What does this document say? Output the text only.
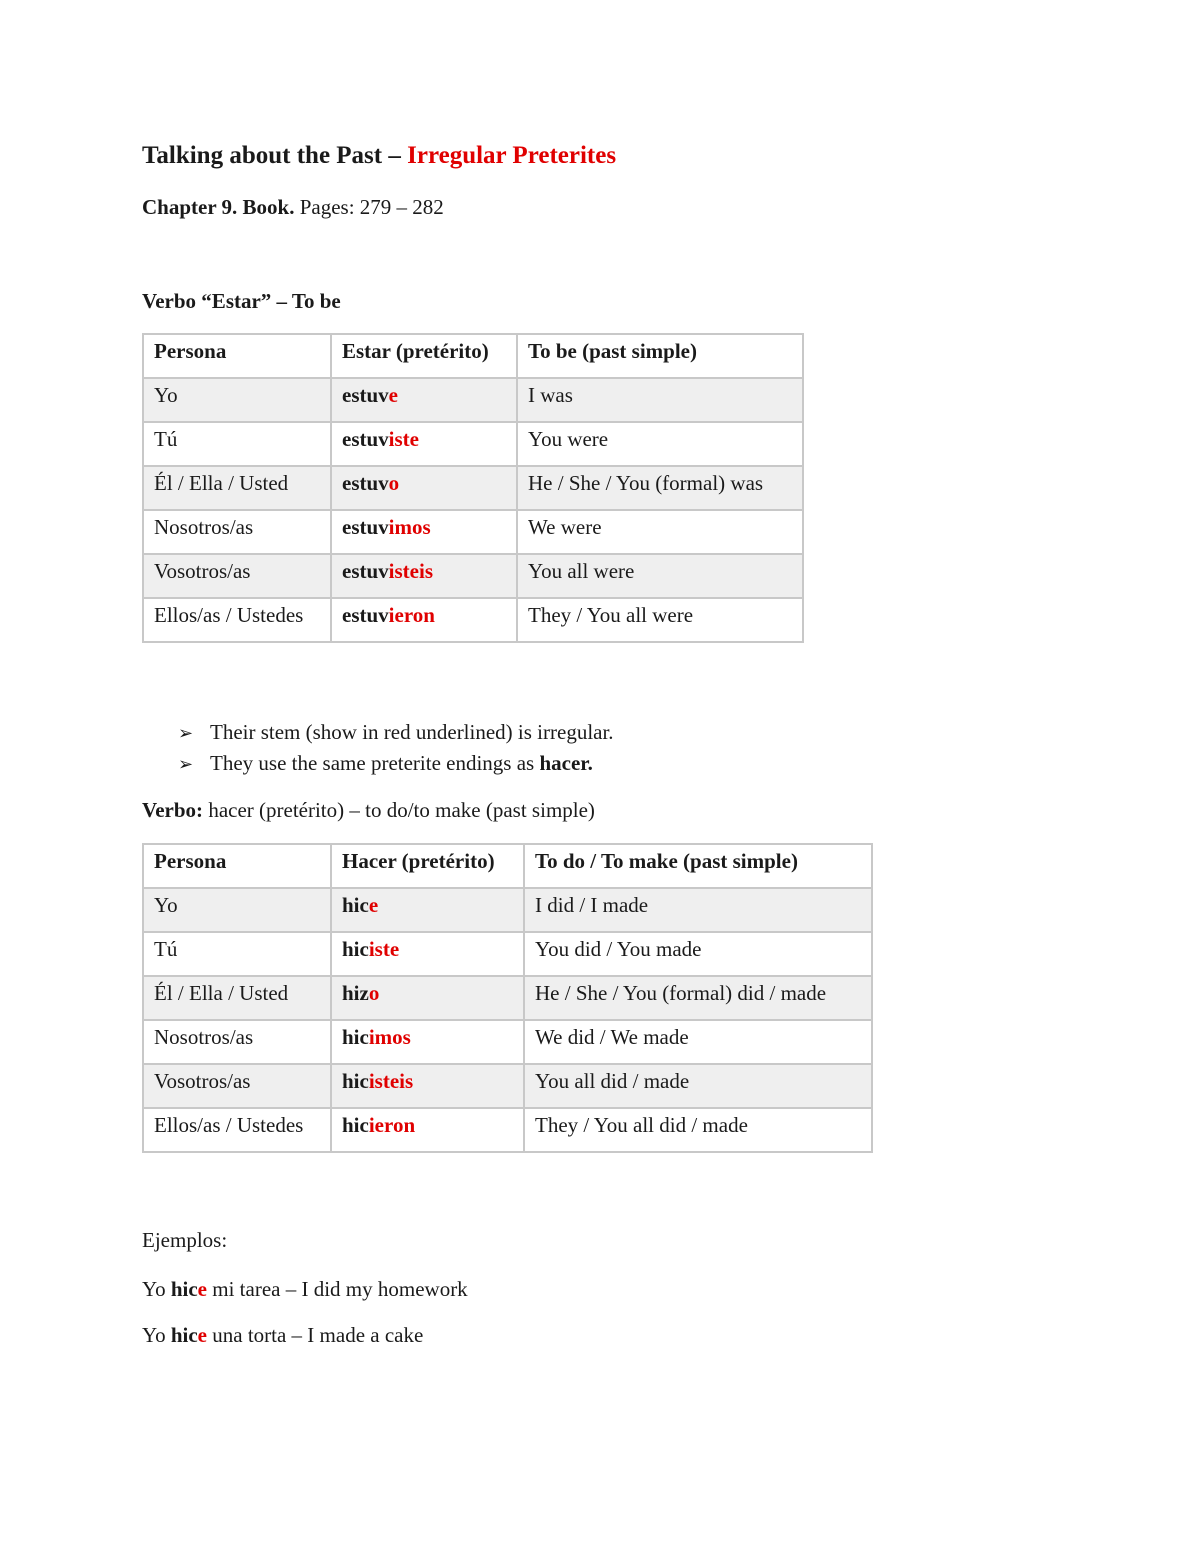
Talking about the Past – Irregular Preterites
Chapter 9. Book. Pages: 279 – 282
Verbo “Estar” – To be
Persona	Estar (pretérito)	To be (past simple)
Yo	estuve	I was
Tú	estuviste	You were
Él / Ella / Usted	estuvo	He / She / You (formal) was
Nosotros/as	estuvimos	We were
Vosotros/as	estuvisteis	You all were
Ellos/as / Ustedes	estuvieron	They / You all were
➢ Their stem (show in red underlined) is irregular.
➢ They use the same preterite endings as hacer.
Verbo: hacer (pretérito) – to do/to make (past simple)
Persona	Hacer (pretérito)	To do / To make (past simple)
Yo	hice	I did / I made
Tú	hiciste	You did / You made
Él / Ella / Usted	hizo	He / She / You (formal) did / made
Nosotros/as	hicimos	We did / We made
Vosotros/as	hicisteis	You all did / made
Ellos/as / Ustedes	hicieron	They / You all did / made
Ejemplos:
Yo hice mi tarea – I did my homework
Yo hice una torta – I made a cake
